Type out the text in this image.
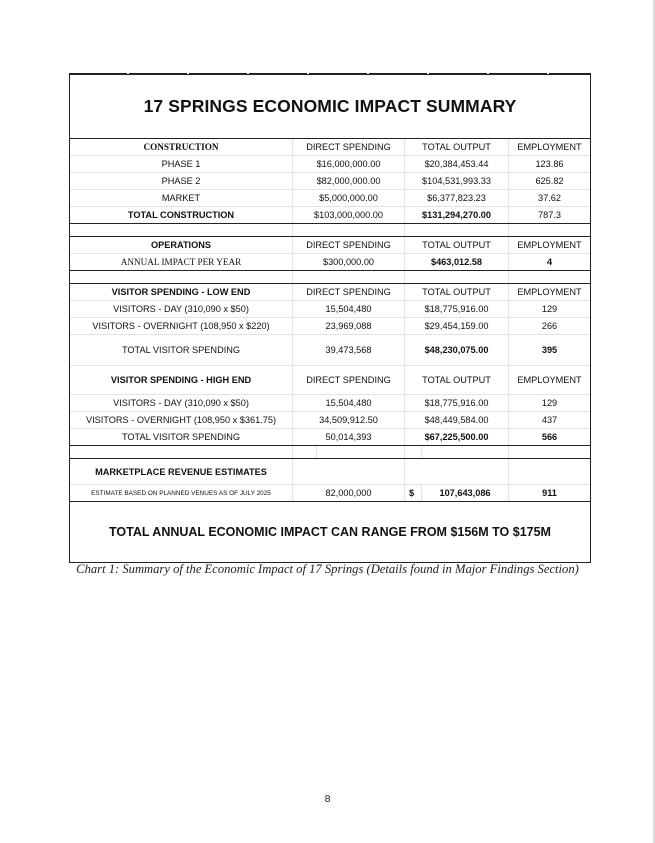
17 SPRINGS ECONOMIC IMPACT SUMMARY
CONSTRUCTION	DIRECT SPENDING	TOTAL OUTPUT	EMPLOYMENT
PHASE 1	$16,000,000.00	$20,384,453.44	123.86
PHASE 2	$82,000,000.00	$104,531,993.33	625.82
MARKET	$5,000,000.00	$6,377,823.23	37.62
TOTAL CONSTRUCTION	$103,000,000.00	$131,294,270.00	787.3
OPERATIONS	DIRECT SPENDING	TOTAL OUTPUT	EMPLOYMENT
ANNUAL IMPACT PER YEAR	$300,000.00	$463,012.58	4
VISITOR SPENDING - LOW END	DIRECT SPENDING	TOTAL OUTPUT	EMPLOYMENT
VISITORS - DAY (310,090 x $50)	15,504,480	$18,775,916.00	129
VISITORS - OVERNIGHT (108,950 x $220)	23,969,088	$29,454,159.00	266
TOTAL VISITOR SPENDING	39,473,568	$48,230,075.00	395
VISITOR SPENDING - HIGH END	DIRECT SPENDING	TOTAL OUTPUT	EMPLOYMENT
VISITORS - DAY (310,090 x $50)	15,504,480	$18,775,916.00	129
VISITORS - OVERNIGHT (108,950 x $361.75)	34,509,912.50	$48,449,584.00	437
TOTAL VISITOR SPENDING	50,014,393	$67,225,500.00	566
MARKETPLACE REVENUE ESTIMATES
ESTIMATE BASED ON PLANNED VENUES AS OF JULY 2025	82,000,000	$	107,643,086	911
TOTAL ANNUAL ECONOMIC IMPACT CAN RANGE FROM $156M TO $175M
Chart 1: Summary of the Economic Impact of 17 Springs (Details found in Major Findings Section)
8
